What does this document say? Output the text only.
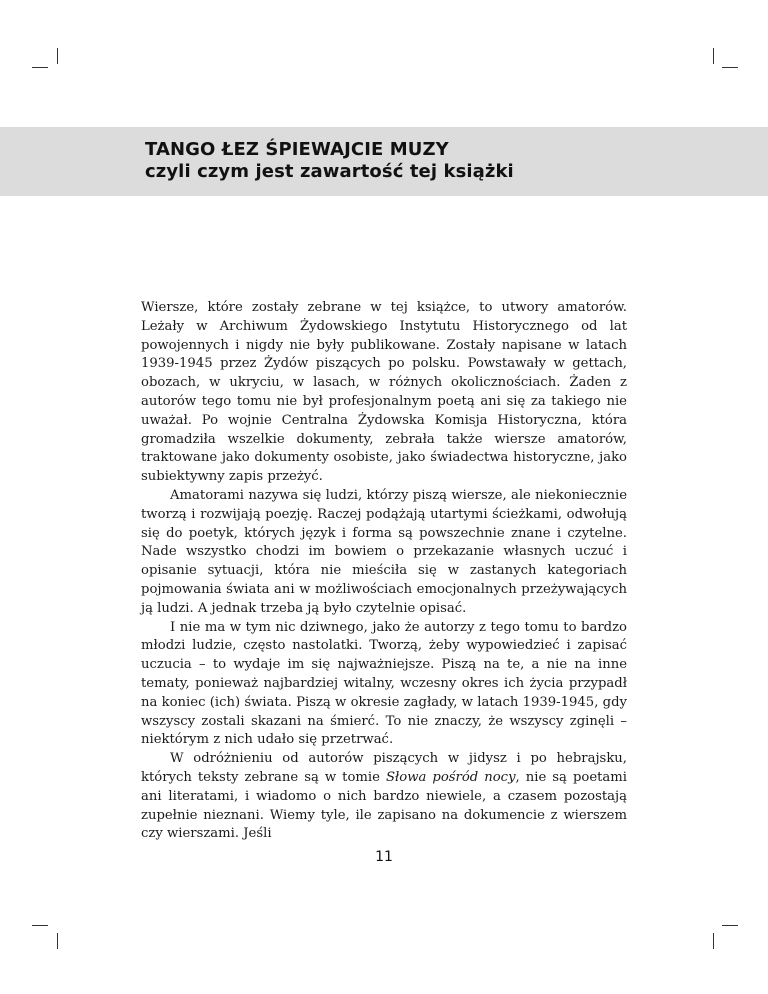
TANGO ŁEZ ŚPIEWAJCIE MUZY
czyli czym jest zawartość tej książki

Wiersze, które zostały zebrane w tej książce, to utwory amatorów. Leżały w Archiwum Żydowskiego Instytutu Historycznego od lat powojennych i nigdy nie były publikowane. Zostały napisane w latach 1939-1945 przez Żydów piszących po polsku. Powstawały w gettach, obozach, w ukryciu, w lasach, w różnych okolicznościach. Żaden z autorów tego tomu nie był profesjonalnym poetą ani się za takiego nie uważał. Po wojnie Centralna Żydowska Komisja Historyczna, która gromadziła wszelkie dokumenty, zebrała także wiersze amatorów, traktowane jako dokumenty osobiste, jako świadectwa historyczne, jako subiektywny zapis przeżyć.

Amatorami nazywa się ludzi, którzy piszą wiersze, ale niekoniecznie tworzą i rozwijają poezję. Raczej podążają utartymi ścieżkami, odwołują się do poetyk, których język i forma są powszechnie znane i czytelne. Nade wszystko chodzi im bowiem o przekazanie własnych uczuć i opisanie sytuacji, która nie mieściła się w zastanych kategoriach pojmowania świata ani w możliwościach emocjonalnych przeżywających ją ludzi. A jednak trzeba ją było czytelnie opisać.

I nie ma w tym nic dziwnego, jako że autorzy z tego tomu to bardzo młodzi ludzie, często nastolatki. Tworzą, żeby wypowiedzieć i zapisać uczucia – to wydaje im się najważniejsze. Piszą na te, a nie na inne tematy, ponieważ najbardziej witalny, wczesny okres ich życia przypadł na koniec (ich) świata. Piszą w okresie zagłady, w latach 1939-1945, gdy wszyscy zostali skazani na śmierć. To nie znaczy, że wszyscy zginęli – niektórym z nich udało się przetrwać.

W odróżnieniu od autorów piszących w jidysz i po hebrajsku, których teksty zebrane są w tomie Słowa pośród nocy, nie są poetami ani literatami, i wiadomo o nich bardzo niewiele, a czasem pozostają zupełnie nieznani. Wiemy tyle, ile zapisano na dokumencie z wierszem czy wierszami. Jeśli

11
